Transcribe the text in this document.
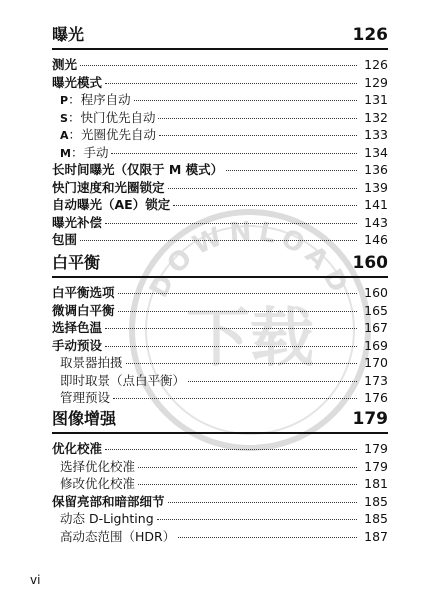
DOWNLOAD
下载
曝光	126
测光	126
曝光模式	129
P：程序自动	131
S：快门优先自动	132
A：光圈优先自动	133
M：手动	134
长时间曝光（仅限于 M 模式）	136
快门速度和光圈锁定	139
自动曝光（AE）锁定	141
曝光补偿	143
包围	146
白平衡	160
白平衡选项	160
微调白平衡	165
选择色温	167
手动预设	169
取景器拍摄	170
即时取景（点白平衡）	173
管理预设	176
图像增强	179
优化校准	179
选择优化校准	179
修改优化校准	181
保留亮部和暗部细节	185
动态 D-Lighting	185
高动态范围（HDR）	187
vi
